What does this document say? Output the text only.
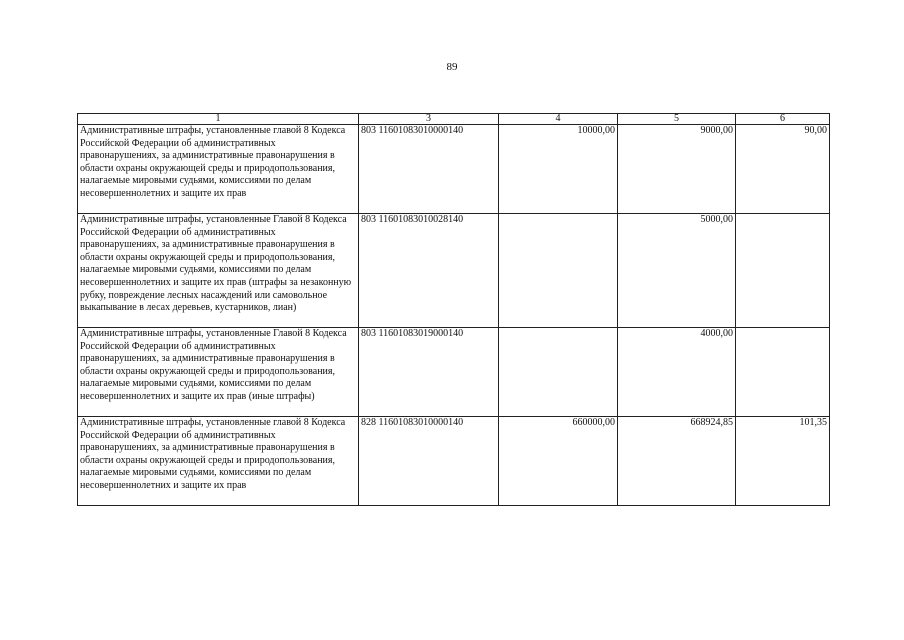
89
1	3	4	5	6
Административные штрафы, установленные главой 8 Кодекса Российской Федерации об административных правонарушениях, за административные правонарушения в области охраны окружающей среды и природопользования, налагаемые мировыми судьями, комиссиями по делам несовершеннолетних и защите их прав	803 11601083010000140	10000,00	9000,00	90,00
Административные штрафы, установленные Главой 8 Кодекса Российской Федерации об административных правонарушениях, за административные правонарушения в области охраны окружающей среды и природопользования, налагаемые мировыми судьями, комиссиями по делам несовершеннолетних и защите их прав (штрафы за незаконную рубку, повреждение лесных насаждений или самовольное выкапывание в лесах деревьев, кустарников, лиан)	803 11601083010028140		5000,00	
Административные штрафы, установленные Главой 8 Кодекса Российской Федерации об административных правонарушениях, за административные правонарушения в области охраны окружающей среды и природопользования, налагаемые мировыми судьями, комиссиями по делам несовершеннолетних и защите их прав (иные штрафы)	803 11601083019000140		4000,00	
Административные штрафы, установленные главой 8 Кодекса Российской Федерации об административных правонарушениях, за административные правонарушения в области охраны окружающей среды и природопользования, налагаемые мировыми судьями, комиссиями по делам несовершеннолетних и защите их прав	828 11601083010000140	660000,00	668924,85	101,35
